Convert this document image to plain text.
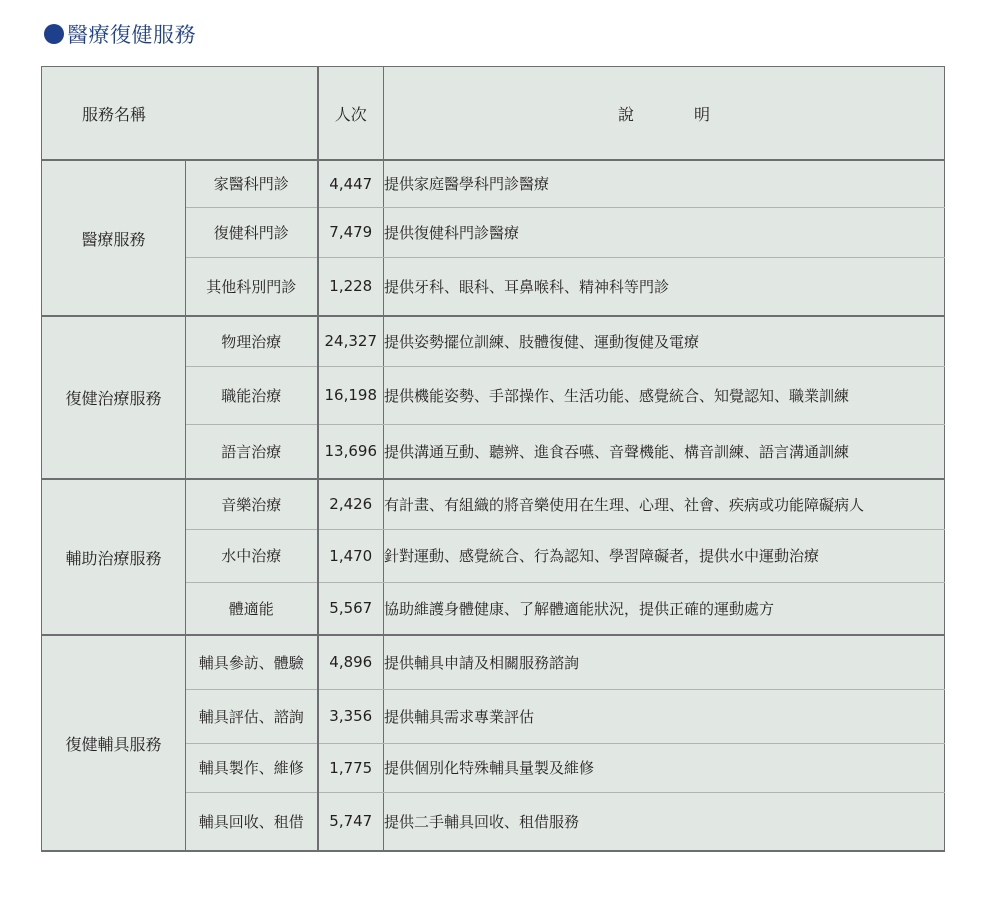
醫療復健服務
服務名稱		人次	說明
醫療服務	家醫科門診	4,447	提供家庭醫學科門診醫療
	復健科門診	7,479	提供復健科門診醫療
	其他科別門診	1,228	提供牙科、眼科、耳鼻喉科、精神科等門診
復健治療服務	物理治療	24,327	提供姿勢擺位訓練、肢體復健、運動復健及電療
	職能治療	16,198	提供機能姿勢、手部操作、生活功能、感覺統合、知覺認知、職業訓練
	語言治療	13,696	提供溝通互動、聽辨、進食吞嚥、音聲機能、構音訓練、語言溝通訓練
輔助治療服務	音樂治療	2,426	有計畫、有組織的將音樂使用在生理、心理、社會、疾病或功能障礙病人
	水中治療	1,470	針對運動、感覺統合、行為認知、學習障礙者，提供水中運動治療
	體適能	5,567	協助維護身體健康、了解體適能狀況，提供正確的運動處方
復健輔具服務	輔具參訪、體驗	4,896	提供輔具申請及相關服務諮詢
	輔具評估、諮詢	3,356	提供輔具需求專業評估
	輔具製作、維修	1,775	提供個別化特殊輔具量製及維修
	輔具回收、租借	5,747	提供二手輔具回收、租借服務
